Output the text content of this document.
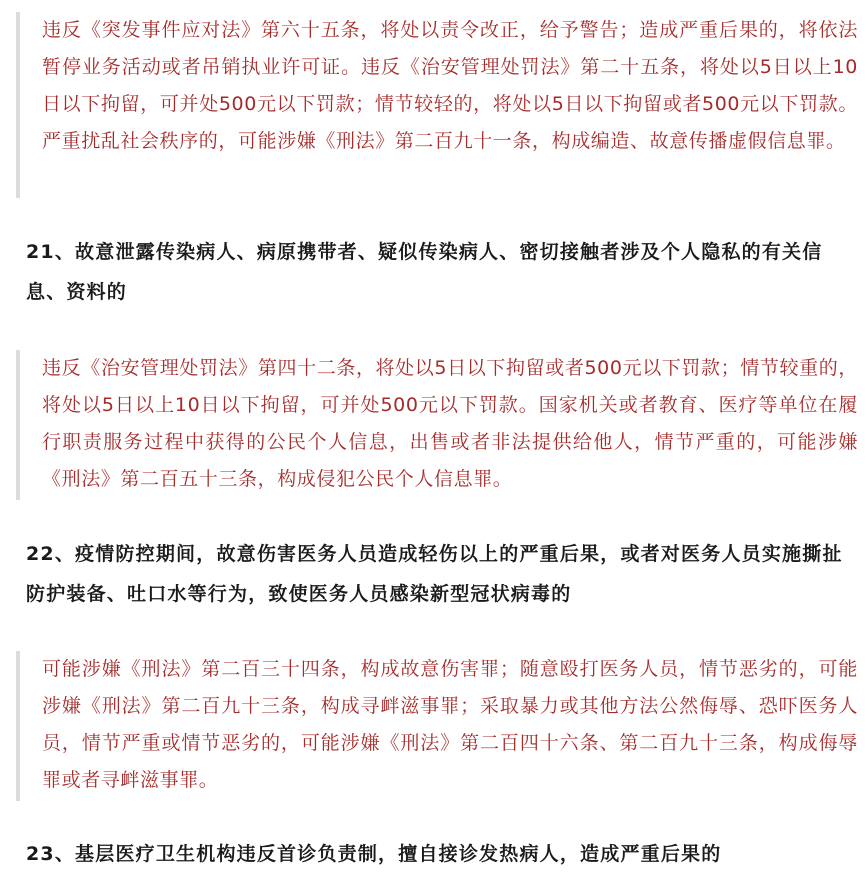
违反《突发事件应对法》第六十五条，将处以责令改正，给予警告；造成严重后果的，将依法暂停业务活动或者吊销执业许可证。违反《治安管理处罚法》第二十五条，将处以5日以上10日以下拘留，可并处500元以下罚款；情节较轻的，将处以5日以下拘留或者500元以下罚款。严重扰乱社会秩序的，可能涉嫌《刑法》第二百九十一条，构成编造、故意传播虚假信息罪。
21、故意泄露传染病人、病原携带者、疑似传染病人、密切接触者涉及个人隐私的有关信息、资料的
违反《治安管理处罚法》第四十二条，将处以5日以下拘留或者500元以下罚款；情节较重的，将处以5日以上10日以下拘留，可并处500元以下罚款。国家机关或者教育、医疗等单位在履行职责服务过程中获得的公民个人信息，出售或者非法提供给他人，情节严重的，可能涉嫌《刑法》第二百五十三条，构成侵犯公民个人信息罪。
22、疫情防控期间，故意伤害医务人员造成轻伤以上的严重后果，或者对医务人员实施撕扯防护装备、吐口水等行为，致使医务人员感染新型冠状病毒的
可能涉嫌《刑法》第二百三十四条，构成故意伤害罪；随意殴打医务人员，情节恶劣的，可能涉嫌《刑法》第二百九十三条，构成寻衅滋事罪；采取暴力或其他方法公然侮辱、恐吓医务人员，情节严重或情节恶劣的，可能涉嫌《刑法》第二百四十六条、第二百九十三条，构成侮辱罪或者寻衅滋事罪。
23、基层医疗卫生机构违反首诊负责制，擅自接诊发热病人，造成严重后果的
